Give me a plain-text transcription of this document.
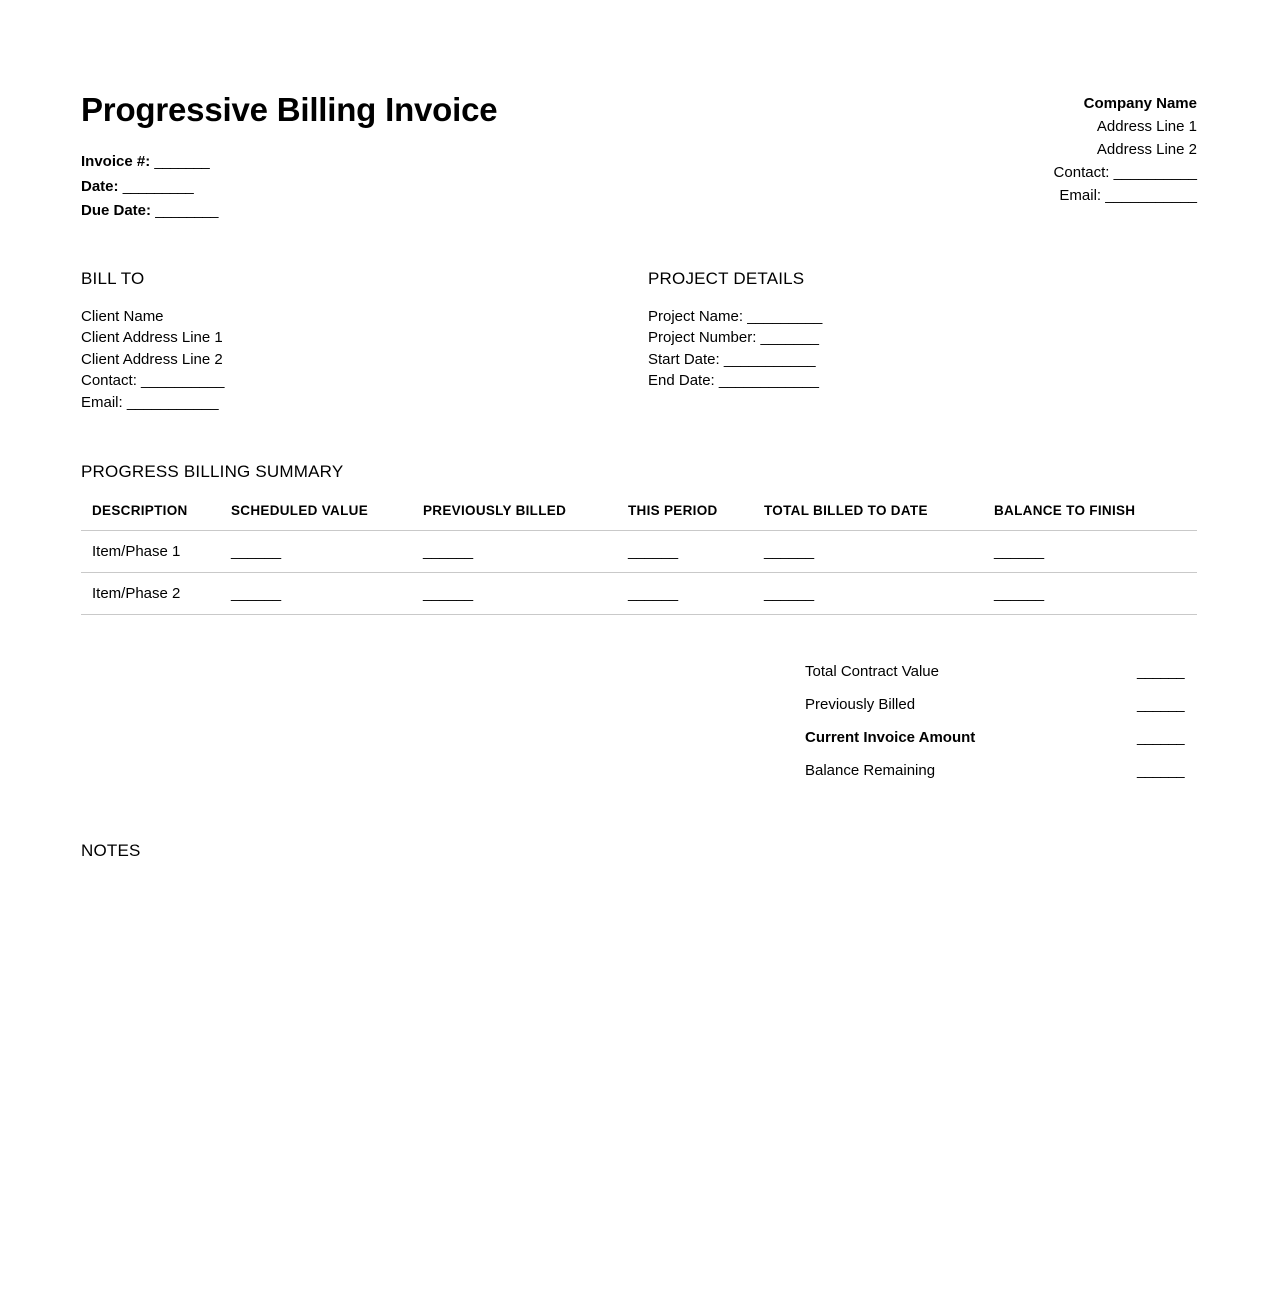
Progressive Billing Invoice
Invoice #: _______
Date: _________
Due Date: ________
Company Name
Address Line 1
Address Line 2
Contact: __________
Email: ___________
BILL TO
Client Name
Client Address Line 1
Client Address Line 2
Contact: __________
Email: ___________
PROJECT DETAILS
Project Name: _________
Project Number: _______
Start Date: ___________
End Date: ____________
PROGRESS BILLING SUMMARY
DESCRIPTION	SCHEDULED VALUE	PREVIOUSLY BILLED	THIS PERIOD	TOTAL BILLED TO DATE	BALANCE TO FINISH
Item/Phase 1	______	______	______	______	______
Item/Phase 2	______	______	______	______	______
Total Contract Value	______
Previously Billed	______
Current Invoice Amount	______
Balance Remaining	______
NOTES
